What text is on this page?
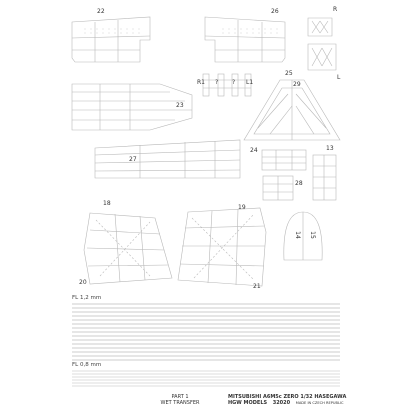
22	26	R
L
R1 ? ? L1
25
29
23
24	13
27
28
18
19
14 15
20
21
FL 1,2 mm
FL 0,8 mm
PART 1
WET TRANSFER
MITSUBISHI A6M5c ZERO 1/32 HASEGAWA
HGW MODELS 32020 MADE IN CZECH REPUBLIC
